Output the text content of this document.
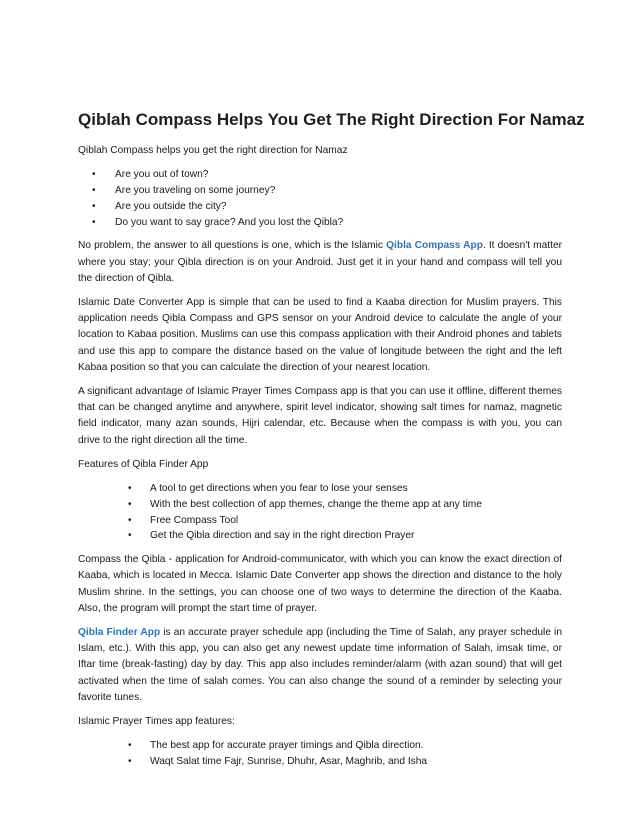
Qiblah Compass Helps You Get The Right Direction For Namaz

Qiblah Compass helps you get the right direction for Namaz

• Are you out of town?
• Are you traveling on some journey?
• Are you outside the city?
• Do you want to say grace? And you lost the Qibla?

No problem, the answer to all questions is one, which is the Islamic Qibla Compass App. It doesn't matter where you stay; your Qibla direction is on your Android. Just get it in your hand and compass will tell you the direction of Qibla.

Islamic Date Converter App is simple that can be used to find a Kaaba direction for Muslim prayers. This application needs Qibla Compass and GPS sensor on your Android device to calculate the angle of your location to Kabaa position. Muslims can use this compass application with their Android phones and tablets and use this app to compare the distance based on the value of longitude between the right and the left Kabaa position so that you can calculate the direction of your nearest location.

A significant advantage of Islamic Prayer Times Compass app is that you can use it offline, different themes that can be changed anytime and anywhere, spirit level indicator, showing salt times for namaz, magnetic field indicator, many azan sounds, Hijri calendar, etc. Because when the compass is with you, you can drive to the right direction all the time.

Features of Qibla Finder App

• A tool to get directions when you fear to lose your senses
• With the best collection of app themes, change the theme app at any time
• Free Compass Tool
• Get the Qibla direction and say in the right direction Prayer

Compass the Qibla - application for Android-communicator, with which you can know the exact direction of Kaaba, which is located in Mecca. Islamic Date Converter app shows the direction and distance to the holy Muslim shrine. In the settings, you can choose one of two ways to determine the direction of the Kaaba. Also, the program will prompt the start time of prayer.

Qibla Finder App is an accurate prayer schedule app (including the Time of Salah, any prayer schedule in Islam, etc.). With this app, you can also get any newest update time information of Salah, imsak time, or Iftar time (break-fasting) day by day. This app also includes reminder/alarm (with azan sound) that will get activated when the time of salah comes. You can also change the sound of a reminder by selecting your favorite tunes.

Islamic Prayer Times app features:

• The best app for accurate prayer timings and Qibla direction.
• Waqt Salat time Fajr, Sunrise, Dhuhr, Asar, Maghrib, and Isha
